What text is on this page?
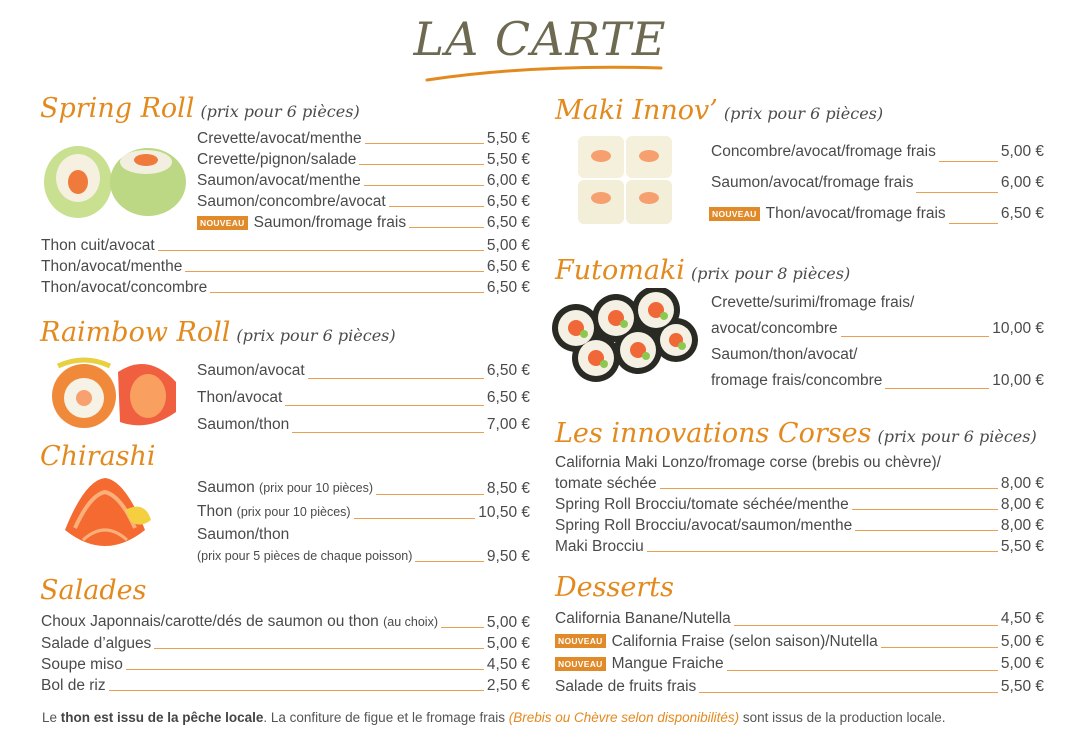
LA CARTE
Spring Roll (prix pour 6 pièces)
Crevette/avocat/menthe	5,50 €
Crevette/pignon/salade	5,50 €
Saumon/avocat/menthe	6,00 €
Saumon/concombre/avocat	6,50 €
NOUVEAU Saumon/fromage frais	6,50 €
Thon cuit/avocat	5,00 €
Thon/avocat/menthe	6,50 €
Thon/avocat/concombre	6,50 €
Raimbow Roll (prix pour 6 pièces)
Saumon/avocat	6,50 €
Thon/avocat	6,50 €
Saumon/thon	7,00 €
Chirashi
Saumon (prix pour 10 pièces)	8,50 €
Thon (prix pour 10 pièces)	10,50 €
Saumon/thon
(prix pour 5 pièces de chaque poisson)	9,50 €
Salades
Choux Japonnais/carotte/dés de saumon ou thon (au choix)	5,00 €
Salade d’algues	5,00 €
Soupe miso	4,50 €
Bol de riz	2,50 €
Maki Innov’ (prix pour 6 pièces)
Concombre/avocat/fromage frais	5,00 €
Saumon/avocat/fromage frais	6,00 €
NOUVEAU Thon/avocat/fromage frais	6,50 €
Futomaki (prix pour 8 pièces)
Crevette/surimi/fromage frais/
avocat/concombre	10,00 €
Saumon/thon/avocat/
fromage frais/concombre	10,00 €
Les innovations Corses (prix pour 6 pièces)
California Maki Lonzo/fromage corse (brebis ou chèvre)/
tomate séchée	8,00 €
Spring Roll Brocciu/tomate séchée/menthe	8,00 €
Spring Roll Brocciu/avocat/saumon/menthe	8,00 €
Maki Brocciu	5,50 €
Desserts
California Banane/Nutella	4,50 €
NOUVEAU California Fraise (selon saison)/Nutella	5,00 €
NOUVEAU Mangue Fraiche	5,00 €
Salade de fruits frais	5,50 €
Le thon est issu de la pêche locale. La confiture de figue et le fromage frais (Brebis ou Chèvre selon disponibilités) sont issus de la production locale.
